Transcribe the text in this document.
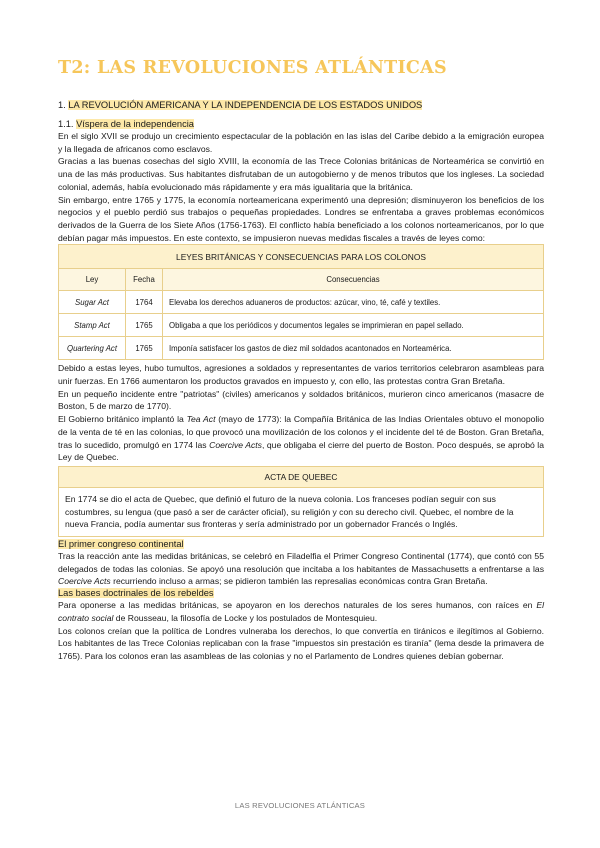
T2: LAS REVOLUCIONES ATLÁNTICAS
1. LA REVOLUCIÓN AMERICANA Y LA INDEPENDENCIA DE LOS ESTADOS UNIDOS
1.1. Víspera de la independencia

En el siglo XVII se produjo un crecimiento espectacular de la población en las islas del Caribe debido a la emigración europea y la llegada de africanos como esclavos.

Gracias a las buenas cosechas del siglo XVIII, la economía de las Trece Colonias británicas de Norteamérica se convirtió en una de las más productivas. Sus habitantes disfrutaban de un autogobierno y de menos tributos que los ingleses. La sociedad colonial, además, había evolucionado más rápidamente y era más igualitaria que la británica.

Sin embargo, entre 1765 y 1775, la economía norteamericana experimentó una depresión; disminuyeron los beneficios de los negocios y el pueblo perdió sus trabajos o pequeñas propiedades. Londres se enfrentaba a graves problemas económicos derivados de la Guerra de los Siete Años (1756-1763). El conflicto había beneficiado a los colonos norteamericanos, por lo que debían pagar más impuestos. En este contexto, se impusieron nuevas medidas fiscales a través de leyes como:

LEYES BRITÁNICAS Y CONSECUENCIAS PARA LOS COLONOS		
Ley	Fecha	Consecuencias
Sugar Act	1764	Elevaba los derechos aduaneros de productos: azúcar, vino, té, café y textiles.
Stamp Act	1765	Obligaba a que los periódicos y documentos legales se imprimieran en papel sellado.
Quartering Act	1765	Imponía satisfacer los gastos de diez mil soldados acantonados en Norteamérica.

Debido a estas leyes, hubo tumultos, agresiones a soldados y representantes de varios territorios celebraron asambleas para unir fuerzas. En 1766 aumentaron los productos gravados en impuesto y, con ello, las protestas contra Gran Bretaña.

En un pequeño incidente entre "patriotas" (civiles) americanos y soldados británicos, murieron cinco americanos (masacre de Boston, 5 de marzo de 1770).

El Gobierno británico implantó la Tea Act (mayo de 1773): la Compañía Británica de las Indias Orientales obtuvo el monopolio de la venta de té en las colonias, lo que provocó una movilización de los colonos y el incidente del té de Boston. Gran Bretaña, tras lo sucedido, promulgó en 1774 las Coercive Acts, que obligaba el cierre del puerto de Boston. Poco después, se aprobó la Ley de Quebec.

ACTA DE QUEBEC
En 1774 se dio el acta de Quebec, que definió el futuro de la nueva colonia. Los franceses podían seguir con sus costumbres, su lengua (que pasó a ser de carácter oficial), su religión y con su derecho civil. Quebec, el nombre de la nueva Francia, podía aumentar sus fronteras y sería administrado por un gobernador Francés o Inglés.
El primer congreso continental

Tras la reacción ante las medidas británicas, se celebró en Filadelfia el Primer Congreso Continental (1774), que contó con 55 delegados de todas las colonias. Se apoyó una resolución que incitaba a los habitantes de Massachusetts a enfrentarse a las Coercive Acts recurriendo incluso a armas; se pidieron también las represalias económicas contra Gran Bretaña.

Las bases doctrinales de los rebeldes

Para oponerse a las medidas británicas, se apoyaron en los derechos naturales de los seres humanos, con raíces en El contrato social de Rousseau, la filosofía de Locke y los postulados de Montesquieu.

Los colonos creían que la política de Londres vulneraba los derechos, lo que convertía en tiránicos e ilegítimos al Gobierno. Los habitantes de las Trece Colonias replicaban con la frase "impuestos sin prestación es tiranía" (lema desde la primavera de 1765). Para los colonos eran las asambleas de las colonias y no el Parlamento de Londres quienes debían gobernar.

LAS REVOLUCIONES ATLÁNTICAS
